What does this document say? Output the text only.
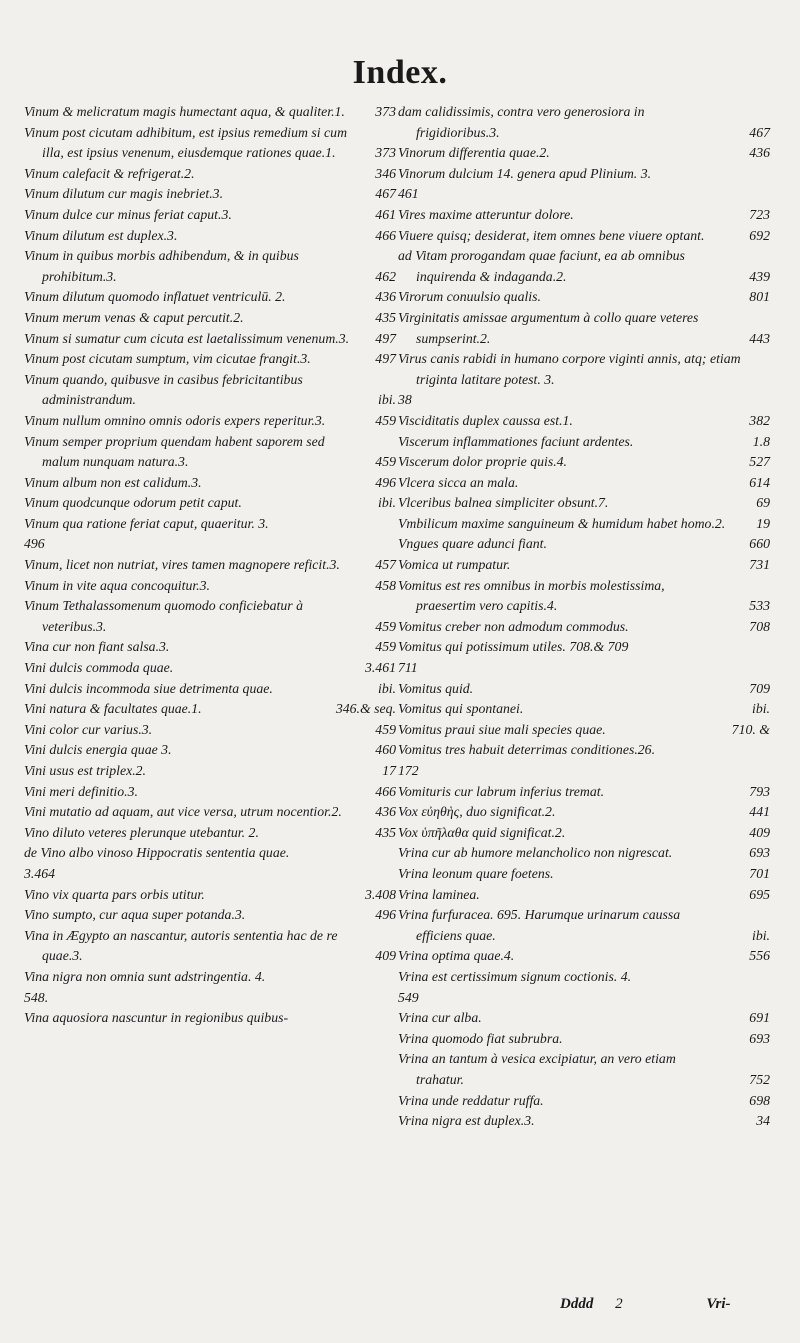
Index.
Vinum & melicratum magis humectant aqua, & qualiter.1.	373
Vinum post cicutam adhibitum, est ipsius remedium si cum illa, est ipsius venenum, eiusdemque rationes quae.1.	373
Vinum calefacit & refrigerat.2.	346
Vinum dilutum cur magis inebriet.3.	467
Vinum dulce cur minus feriat caput.3.	461
Vinum dilutum est duplex.3.	466
Vinum in quibus morbis adhibendum, & in quibus prohibitum.3.	462
Vinum dilutum quomodo inflatuet ventriculū. 2.	436
Vinum merum venas & caput percutit.2.	435
Vinum si sumatur cum cicuta est laetalissimum venenum.3.	497
Vinum post cicutam sumptum, vim cicutae frangit.3.	497
Vinum quando, quibusve in casibus febricitantibus administrandum.	ibi.
Vinum nullum omnino omnis odoris expers reperitur.3.	459
Vinum semper proprium quendam habent saporem sed malum nunquam natura.3.	459
Vinum album non est calidum.3.	496
Vinum quodcunque odorum petit caput.	ibi.
Vinum qua ratione feriat caput, quaeritur. 3.
496
Vinum, licet non nutriat, vires tamen magnopere reficit.3.	457
Vinum in vite aqua concoquitur.3.	458
Vinum Tethalassomenum quomodo conficiebatur à veteribus.3.	459
Vina cur non fiant salsa.3.	459
Vini dulcis commoda quae.	3.461
Vini dulcis incommoda siue detrimenta quae.	ibi.
Vini natura & facultates quae.1.	346.& seq.
Vini color cur varius.3.	459
Vini dulcis energia quae 3.	460
Vini usus est triplex.2.	17
Vini meri definitio.3.	466
Vini mutatio ad aquam, aut vice versa, utrum nocentior.2.	436
Vino diluto veteres plerunque utebantur. 2.	435
de Vino albo vinoso Hippocratis sententia quae.
3.464
Vino vix quarta pars orbis utitur.	3.408
Vino sumpto, cur aqua super potanda.3.	496
Vina in Ægypto an nascantur, autoris sententia hac de re quae.3.	409
Vina nigra non omnia sunt adstringentia. 4.
548.
Vina aquosiora nascuntur in regionibus quibus-
dam calidissimis, contra vero generosiora in frigidioribus.3.	467
Vinorum differentia quae.2.	436
Vinorum dulcium 14. genera apud Plinium. 3.
461
Vires maxime atteruntur dolore.	723
Viuere quisq; desiderat, item omnes bene viuere optant.	692
ad Vitam prorogandam quae faciunt, ea ab omnibus inquirenda & indaganda.2.	439
Virorum conuulsio qualis.	801
Virginitatis amissae argumentum à collo quare veteres sumpserint.2.	443
Virus canis rabidi in humano corpore viginti annis, atq; etiam triginta latitare potest. 3.
38
Visciditatis duplex caussa est.1.	382
Viscerum inflammationes faciunt ardentes.	1.8
Viscerum dolor proprie quis.4.	527
Vlcera sicca an mala.	614
Vlceribus balnea simpliciter obsunt.7.	69
Vmbilicum maxime sanguineum & humidum habet homo.2.	19
Vngues quare adunci fiant.	660
Vomica ut rumpatur.	731
Vomitus est res omnibus in morbis molestissima, praesertim vero capitis.4.	533
Vomitus creber non admodum commodus.	708
Vomitus qui potissimum utiles. 708.& 709
711
Vomitus quid.	709
Vomitus qui spontanei.	ibi.
Vomitus praui siue mali species quae.	710. &
Vomitus tres habuit deterrimas conditiones.26.
172
Vomituris cur labrum inferius tremat.	793
Vox εὐηθὴς, duo significat.2.	441
Vox ὑπῆλαθα quid significat.2.	409
Vrina cur ab humore melancholico non nigrescat.	693
Vrina leonum quare foetens.	701
Vrina laminea.	695
Vrina furfuracea. 695. Harumque urinarum caussa efficiens quae.	ibi.
Vrina optima quae.4.	556
Vrina est certissimum signum coctionis. 4.
549
Vrina cur alba.	691
Vrina quomodo fiat subrubra.	693
Vrina an tantum à vesica excipiatur, an vero etiam trahatur.	752
Vrina unde reddatur ruffa.	698
Vrina nigra est duplex.3.	34
Dddd 2	Vri-
